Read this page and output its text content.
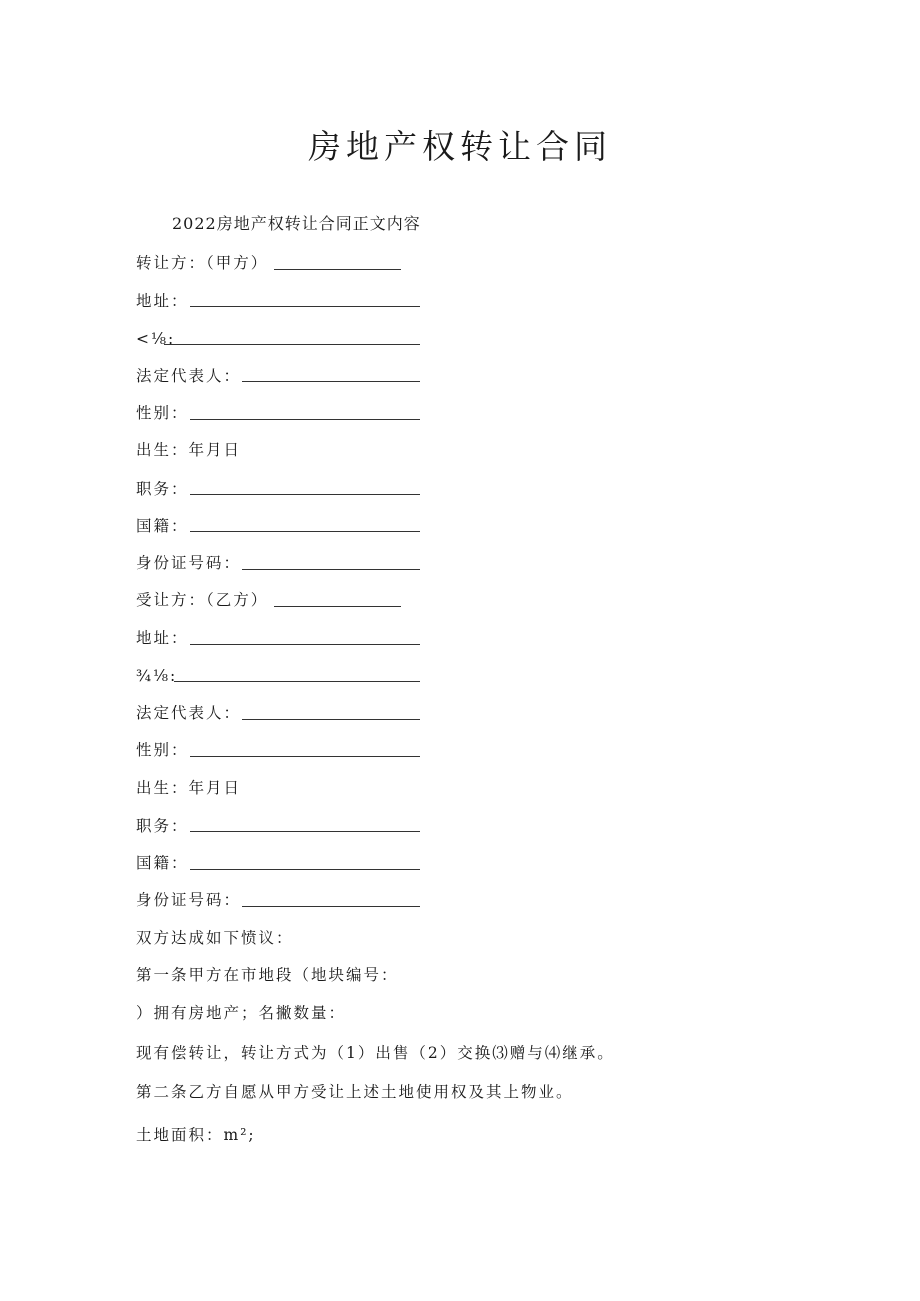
房地产权转让合同
2022房地产权转让合同正文内容
转让方：（甲方）
地址：
<⅛:
法定代表人：
性别：
出生：年月日
职务：
国籍：
身份证号码：
受让方：（乙方）
地址：
¾⅛:
法定代表人：
性别：
出生：年月日
职务：
国籍：
身份证号码：
双方达成如下愤议：
第一条甲方在市地段（地块编号：
）拥有房地产；名撇数量：
现有偿转让，转让方式为（1）出售（2）交换⑶赠与⑷继承。
第二条乙方自愿从甲方受让上述土地使用权及其上物业。
土地面积：m²;
